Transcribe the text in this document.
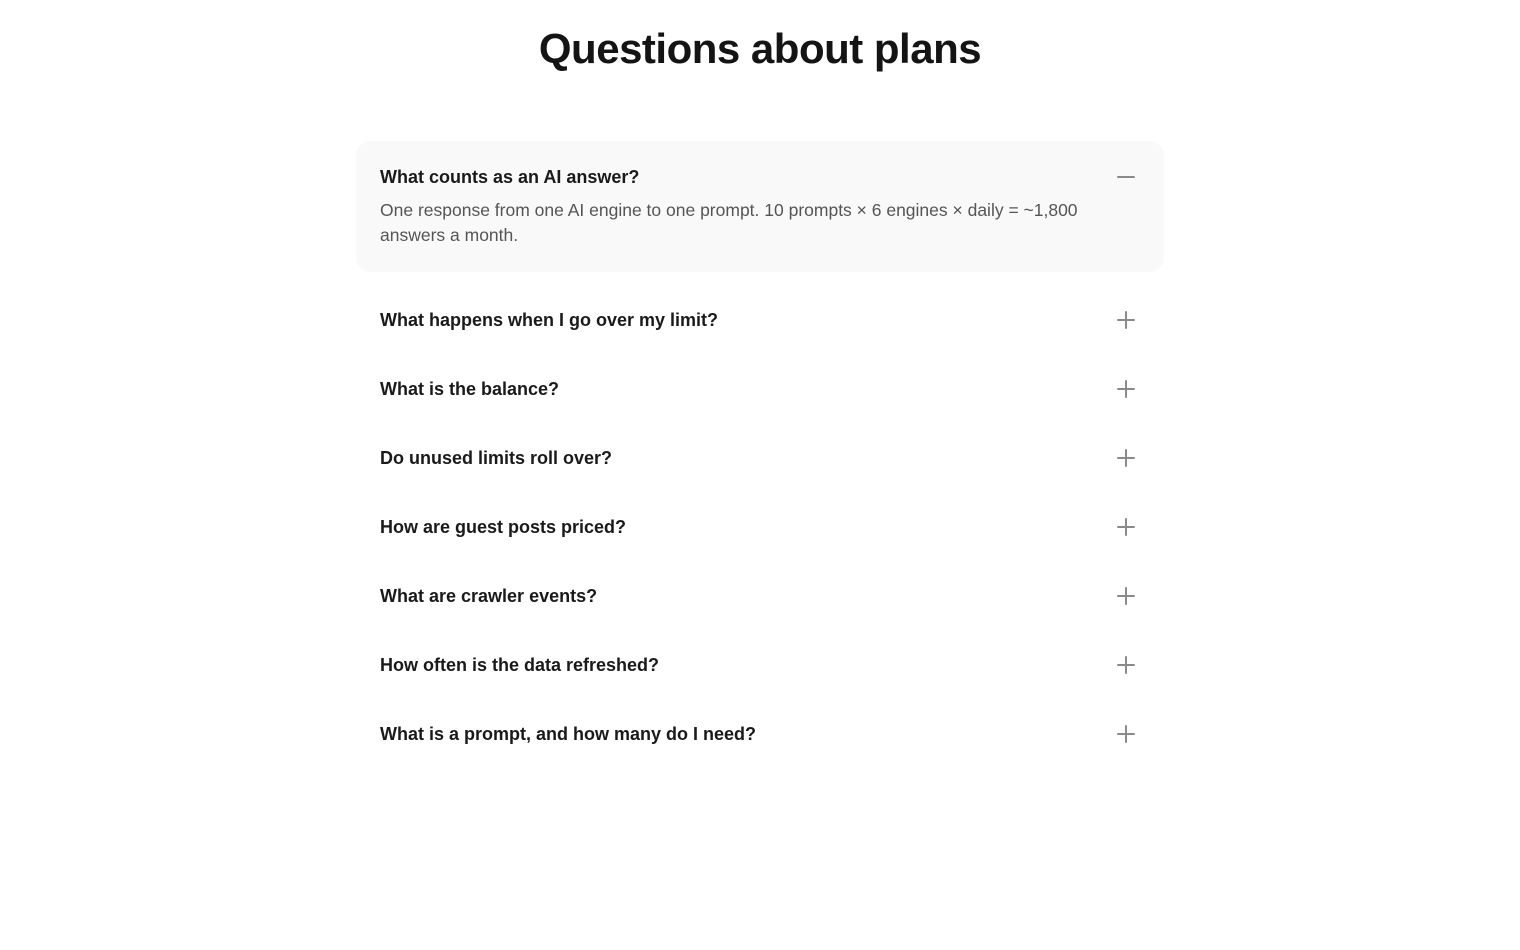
Questions about plans
What counts as an AI answer?
One response from one AI engine to one prompt. 10 prompts × 6 engines × daily = ~1,800 answers a month.
What happens when I go over my limit?
What is the balance?
Do unused limits roll over?
How are guest posts priced?
What are crawler events?
How often is the data refreshed?
What is a prompt, and how many do I need?
